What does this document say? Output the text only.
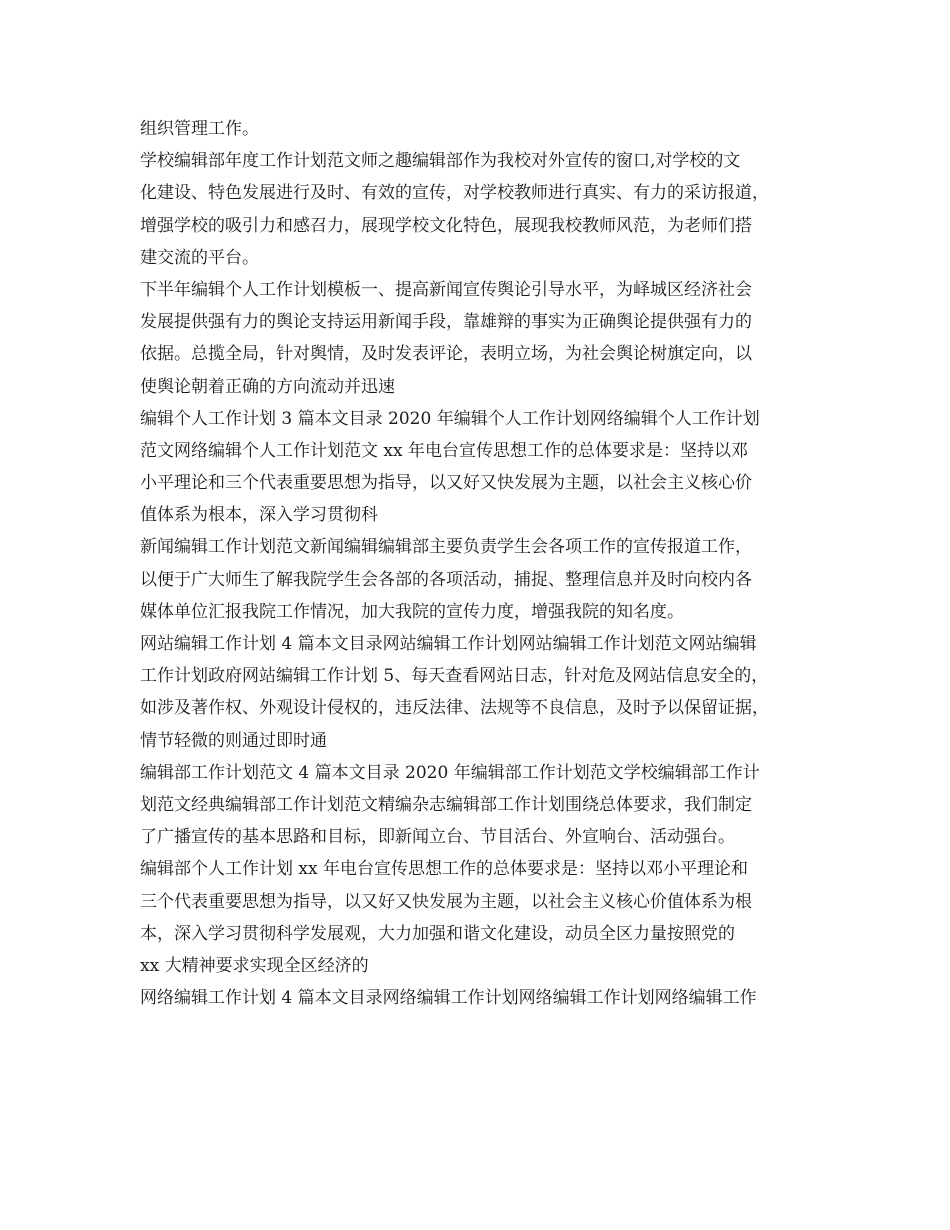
组织管理工作。
学校编辑部年度工作计划范文师之趣编辑部作为我校对外宣传的窗口,对学校的文
化建设、特色发展进行及时、有效的宣传，对学校教师进行真实、有力的采访报道，
增强学校的吸引力和感召力，展现学校文化特色，展现我校教师风范，为老师们搭
建交流的平台。
下半年编辑个人工作计划模板一、提高新闻宣传舆论引导水平，为峄城区经济社会
发展提供强有力的舆论支持运用新闻手段，靠雄辩的事实为正确舆论提供强有力的
依据。总揽全局，针对舆情，及时发表评论，表明立场，为社会舆论树旗定向，以
使舆论朝着正确的方向流动并迅速
编辑个人工作计划 3 篇本文目录 2020 年编辑个人工作计划网络编辑个人工作计划
范文网络编辑个人工作计划范文 xx 年电台宣传思想工作的总体要求是：坚持以邓
小平理论和三个代表重要思想为指导，以又好又快发展为主题，以社会主义核心价
值体系为根本，深入学习贯彻科
新闻编辑工作计划范文新闻编辑编辑部主要负责学生会各项工作的宣传报道工作，
以便于广大师生了解我院学生会各部的各项活动，捕捉、整理信息并及时向校内各
媒体单位汇报我院工作情况，加大我院的宣传力度，增强我院的知名度。
网站编辑工作计划 4 篇本文目录网站编辑工作计划网站编辑工作计划范文网站编辑
工作计划政府网站编辑工作计划 5、每天查看网站日志，针对危及网站信息安全的，
如涉及著作权、外观设计侵权的，违反法律、法规等不良信息，及时予以保留证据，
情节轻微的则通过即时通
编辑部工作计划范文 4 篇本文目录 2020 年编辑部工作计划范文学校编辑部工作计
划范文经典编辑部工作计划范文精编杂志编辑部工作计划围绕总体要求，我们制定
了广播宣传的基本思路和目标，即新闻立台、节目活台、外宣响台、活动强台。
编辑部个人工作计划 xx 年电台宣传思想工作的总体要求是：坚持以邓小平理论和
三个代表重要思想为指导，以又好又快发展为主题，以社会主义核心价值体系为根
本，深入学习贯彻科学发展观，大力加强和谐文化建设，动员全区力量按照党的
xx 大精神要求实现全区经济的
网络编辑工作计划 4 篇本文目录网络编辑工作计划网络编辑工作计划网络编辑工作
